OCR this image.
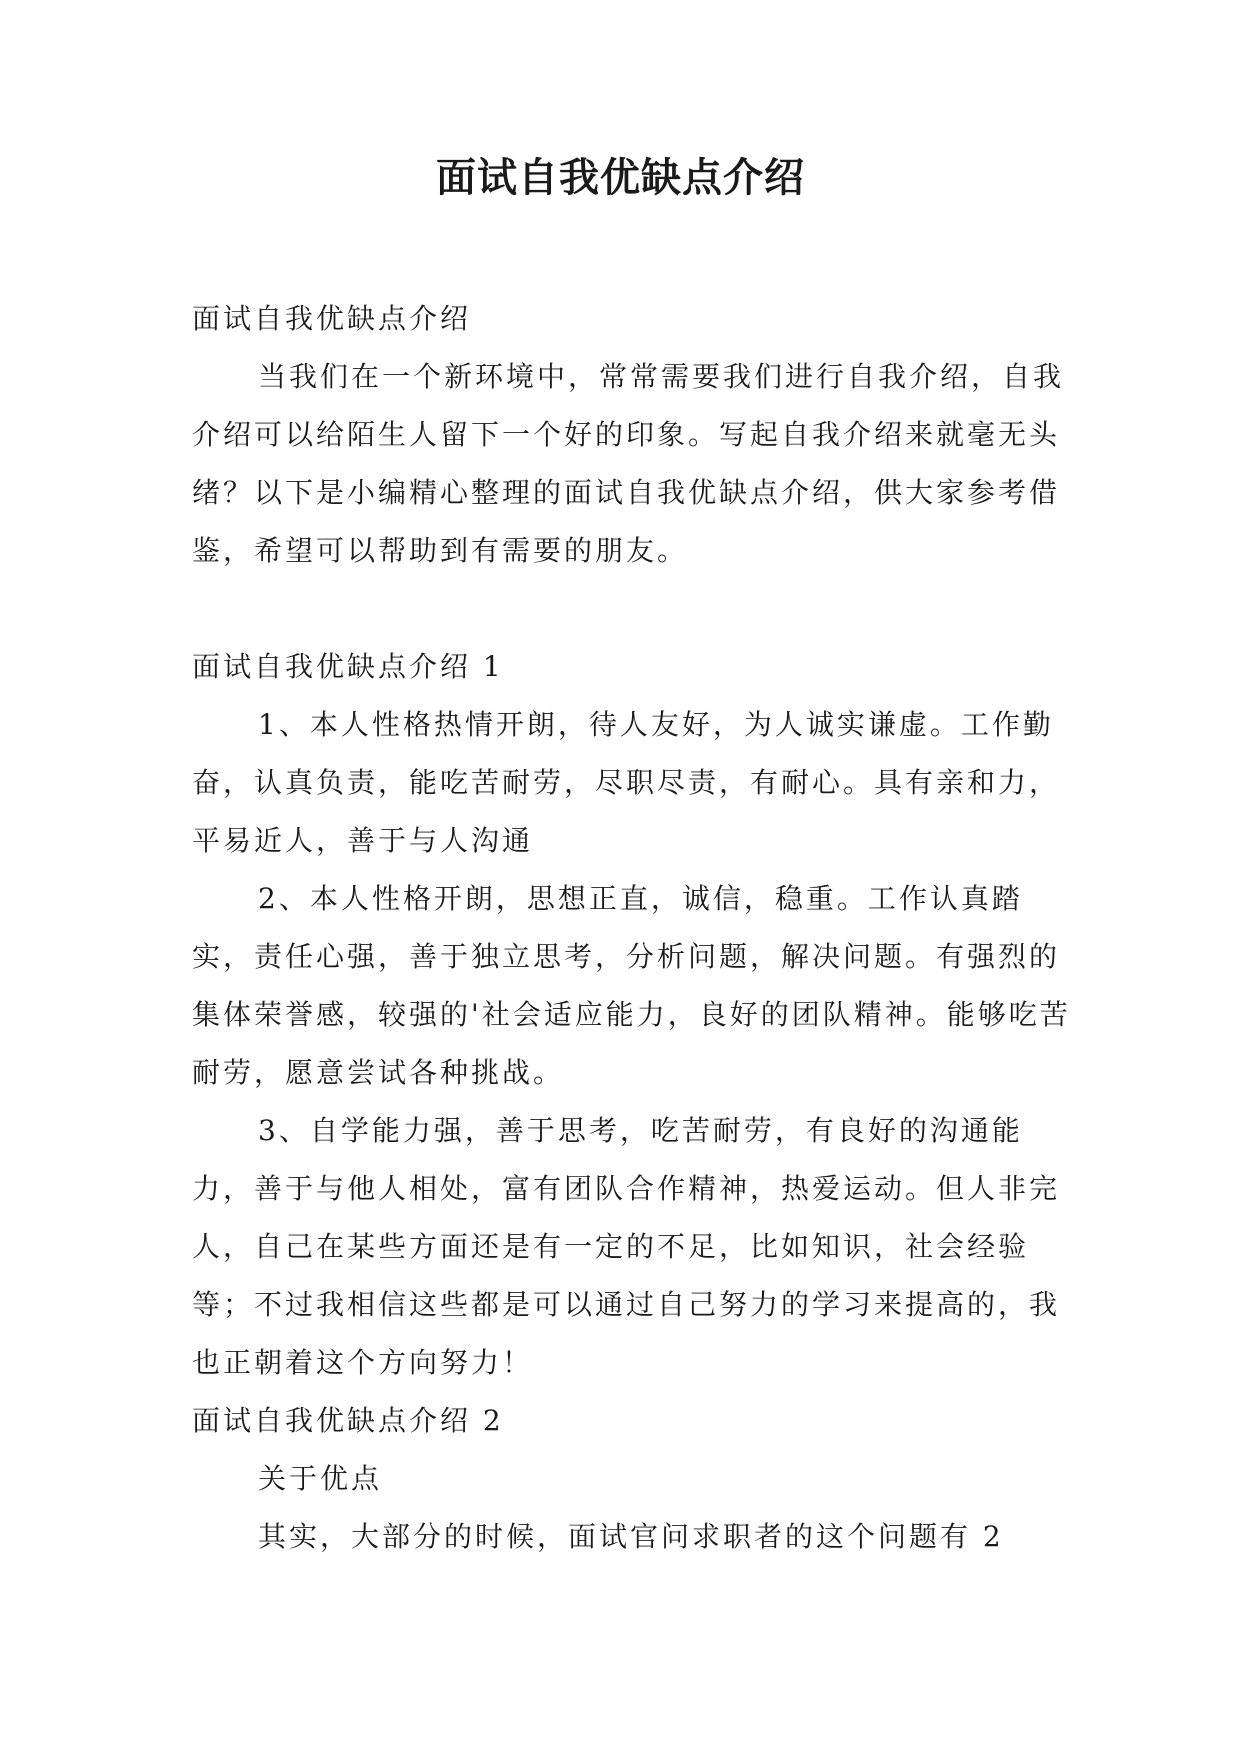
面试自我优缺点介绍

面试自我优缺点介绍

当我们在一个新环境中，常常需要我们进行自我介绍，自我介绍可以给陌生人留下一个好的印象。写起自我介绍来就毫无头绪？以下是小编精心整理的面试自我优缺点介绍，供大家参考借鉴，希望可以帮助到有需要的朋友。

面试自我优缺点介绍 1

1、本人性格热情开朗，待人友好，为人诚实谦虚。工作勤奋，认真负责，能吃苦耐劳，尽职尽责，有耐心。具有亲和力，平易近人，善于与人沟通

2、本人性格开朗，思想正直，诚信，稳重。工作认真踏实，责任心强，善于独立思考，分析问题，解决问题。有强烈的集体荣誉感，较强的'社会适应能力，良好的团队精神。能够吃苦耐劳，愿意尝试各种挑战。

3、自学能力强，善于思考，吃苦耐劳，有良好的沟通能力，善于与他人相处，富有团队合作精神，热爱运动。但人非完人，自己在某些方面还是有一定的不足，比如知识，社会经验等；不过我相信这些都是可以通过自己努力的学习来提高的，我也正朝着这个方向努力！

面试自我优缺点介绍 2

关于优点

其实，大部分的时候，面试官问求职者的这个问题有 2
